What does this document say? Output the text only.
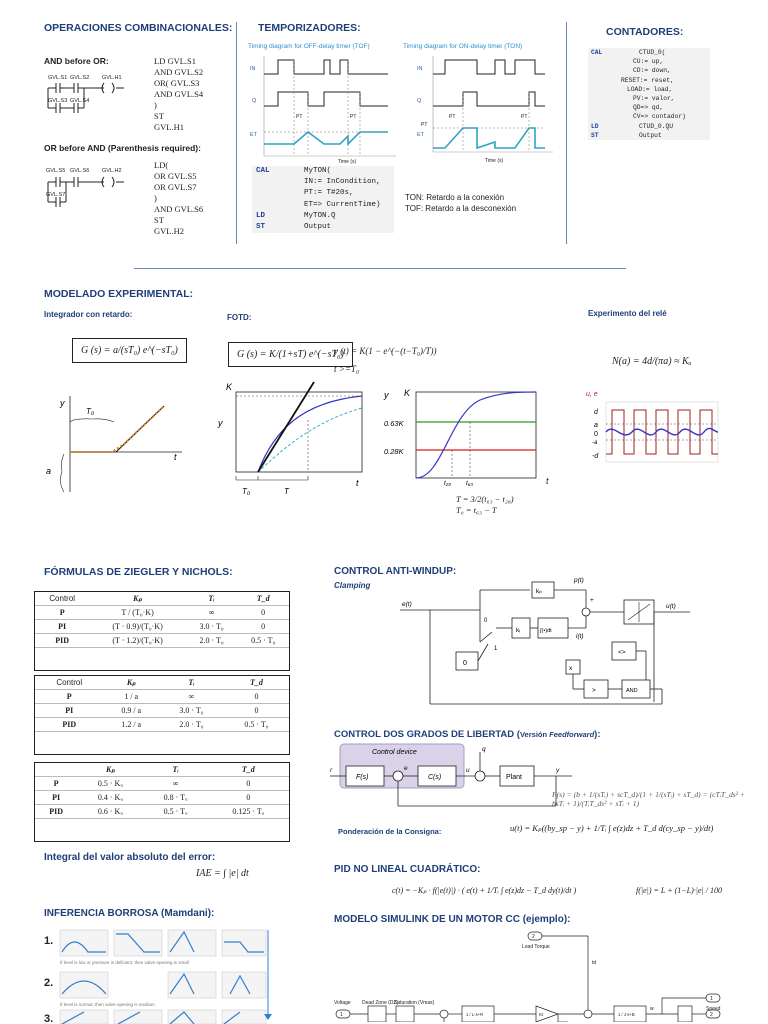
OPERACIONES COMBINACIONALES:
AND before OR:
GVL.S1 GVL.S2 GVL.H1
GVL.S3 GVL.S4
LD GVL.S1
AND GVL.S2
OR( GVL.S3
AND GVL.S4
)
ST
GVL.H1
OR before AND (Parenthesis required):
GVL.S5 GVL.S6 GVL.H2
GVL.S7
LD(
OR GVL.S5
OR GVL.S7
)
AND GVL.S6
ST
GVL.H2
TEMPORIZADORES:
Timing diagram for OFF-delay timer (TOF)	Timing diagram for ON-delay timer (TON)
IN
Q
ET
PT	PT
Time (s)
IN
Q
ET
PT
PT	PT
Time (s)
CAL	MyTON(
IN:= InCondition,
PT:= T#20s,
ET=> CurrentTime)
LD	MyTON.Q
ST	Output
TON: Retardo a la conexión
TOF: Retardo a la desconexión
CONTADORES:
CAL	CTUD_0(
CU:= up,
CD:= down,
RESET:= reset,
LOAD:= load,
PV:= valor,
QD=> qd,
CV=> contador)
LD	CTUD_0.QU
ST	Output
MODELADO EXPERIMENTAL:
Integrador con retardo:
G (s) = a/(sT₀) e^(−sT₀)
y
t
T₀
a
FOTD:
G (s) = K/(1+sT) e^(−sT₀)
y (t) = K(1 − e^(−(t−T₀)/T))
t >=T₀
K
y
t
T₀	T
K
y
0.63K
0.28K
t₂₈ t₆₃	t
T = 3/2(t₆₃ − t₂₈)
T₀ = t₆₃ − T
Experimento del relé
N(a) = 4d/(πa) ≈ Kᵤ
u, e
d
a
0
-a
-d
FÓRMULAS DE ZIEGLER Y NICHOLS:
Control	Kₚ	Tᵢ	T_d
P	T / (T₀·K)	∞	0
PI	(T · 0.9)/(T₀·K)	3.0 · T₀	0
PID	(T · 1.2)/(T₀·K)	2.0 · T₀	0.5 · T₀
Control	Kₚ	Tᵢ	T_d
P	1 / a	∞	0
PI	0.9 / a	3.0 · T₀	0
PID	1.2 / a	2.0 · T₀	0.5 · T₀
	Kₚ	Tᵢ	T_d
P	0.5 · Kᵤ	∞	0
PI	0.4 · Kᵤ	0.8 · Tᵤ	0
PID	0.6 · Kᵤ	0.5 · Tᵤ	0.125 · Tᵤ
Integral del valor absoluto del error:
IAE = ∫ |e| dt
INFERENCIA BORROSA (Mamdani):
1.
2.
3.
If level is low or pressure is deficient, then valve-opening is small
If level is normal, then valve-opening is medium
CONTROL ANTI-WINDUP:
Clamping
e(t)
kₚ
p(t)
kᵢ	∫(•)dt
i(t)
u(t)
0
<>
>	AND
x
+
0
1
CONTROL DOS GRADOS DE LIBERTAD (Versión Feedforward):
r
F(s)
e
C(s)
u
q
Plant
y
Control device
F(s) = (b + 1/(sTᵢ) + scT_d)/(1 + 1/(sTᵢ) + sT_d) = (cTᵢT_ds² + bsTᵢ + 1)/(TᵢT_ds² + sTᵢ + 1)
Ponderación de la Consigna:	u(t) = Kₚ((by_sp − y) + 1/Tᵢ ∫ e(z)dz + T_d d(cy_sp − y)/dt)
PID NO LINEAL CUADRÁTICO:
c(t) = −Kₚ · f(|e(t)|) · ( e(t) + 1/Tᵢ ∫ e(z)dz − T_d dy(t)/dt )	f(|e|) = L + (1−L)·|e| / 100
MODELO SIMULINK DE UN MOTOR CC (ejemplo):
1
Voltage
2
Load Torque
Dead Zone (DZ)
Saturation (Vmax)
1 / L·s+R	Kt	1 / J·s+B
1
2
Speed
td
w
